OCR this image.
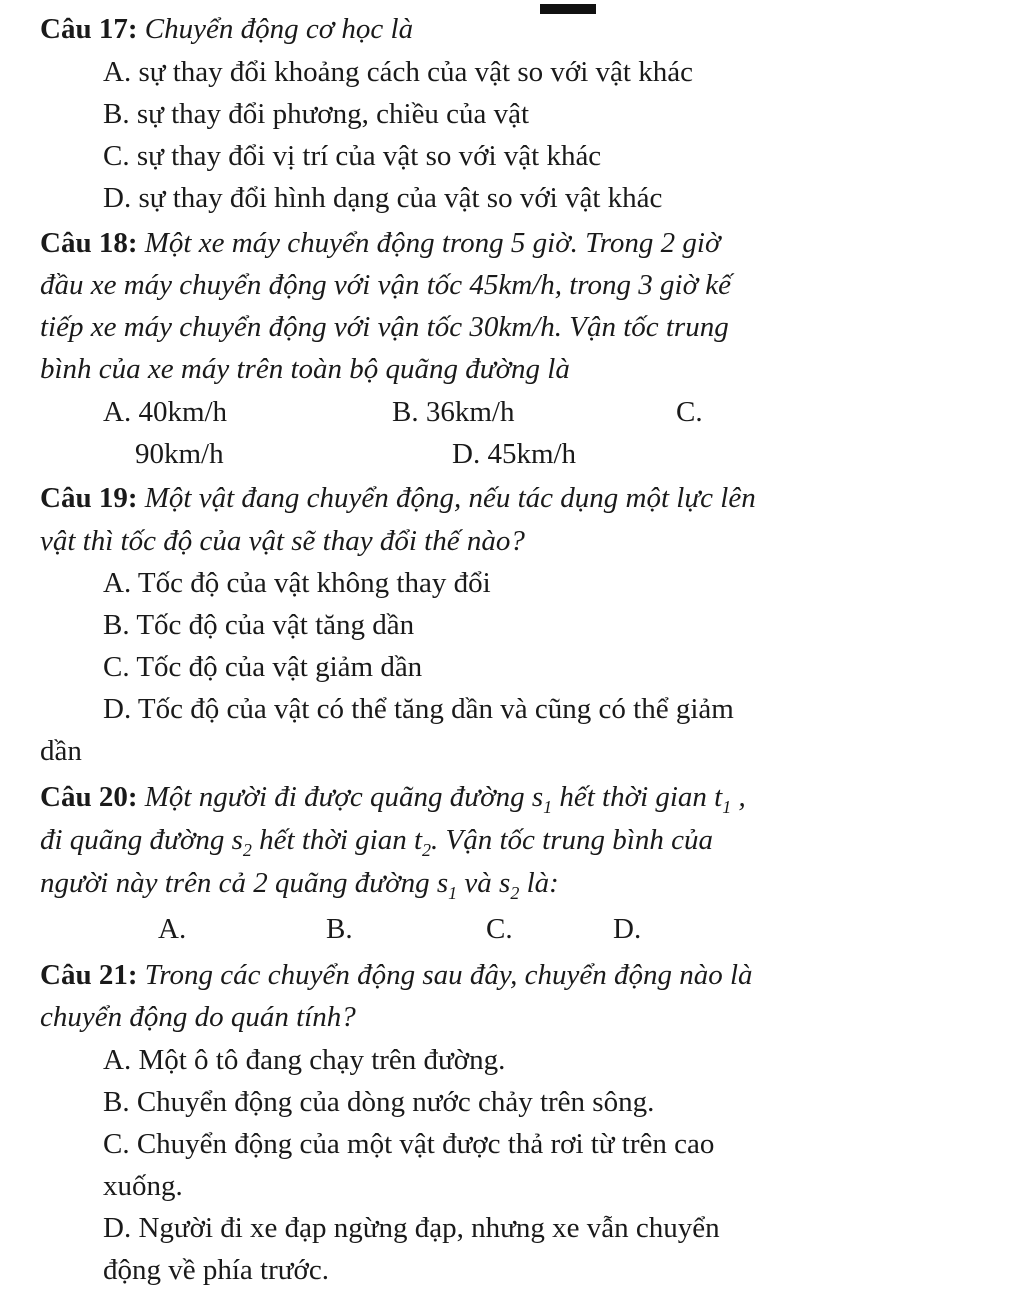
Câu 17: Chuyển động cơ học là
A. sự thay đổi khoảng cách của vật so với vật khác
B. sự thay đổi phương, chiều của vật
C. sự thay đổi vị trí của vật so với vật khác
D. sự thay đổi hình dạng của vật so với vật khác
Câu 18: Một xe máy chuyển động trong 5 giờ. Trong 2 giờ
đầu xe máy chuyển động với vận tốc 45km/h, trong 3 giờ kế
tiếp xe máy chuyển động với vận tốc 30km/h. Vận tốc trung
bình của xe máy trên toàn bộ quãng đường là
A. 40km/h	B. 36km/h	C.
90km/h	D. 45km/h
Câu 19: Một vật đang chuyển động, nếu tác dụng một lực lên
vật thì tốc độ của vật sẽ thay đổi thế nào?
A. Tốc độ của vật không thay đổi
B. Tốc độ của vật tăng dần
C. Tốc độ của vật giảm dần
D. Tốc độ của vật có thể tăng dần và cũng có thể giảm
dần
Câu 20: Một người đi được quãng đường $s_1$ hết thời gian $t_1$ ,
đi quãng đường $s_2$ hết thời gian $t_2$. Vận tốc trung bình của
người này trên cả 2 quãng đường $s_1$ và $s_2$ là:
A.	B.	C.	D.
Câu 21: Trong các chuyển động sau đây, chuyển động nào là
chuyển động do quán tính?
A. Một ô tô đang chạy trên đường.
B. Chuyển động của dòng nước chảy trên sông.
C. Chuyển động của một vật được thả rơi từ trên cao
xuống.
D. Người đi xe đạp ngừng đạp, nhưng xe vẫn chuyển
động về phía trước.
